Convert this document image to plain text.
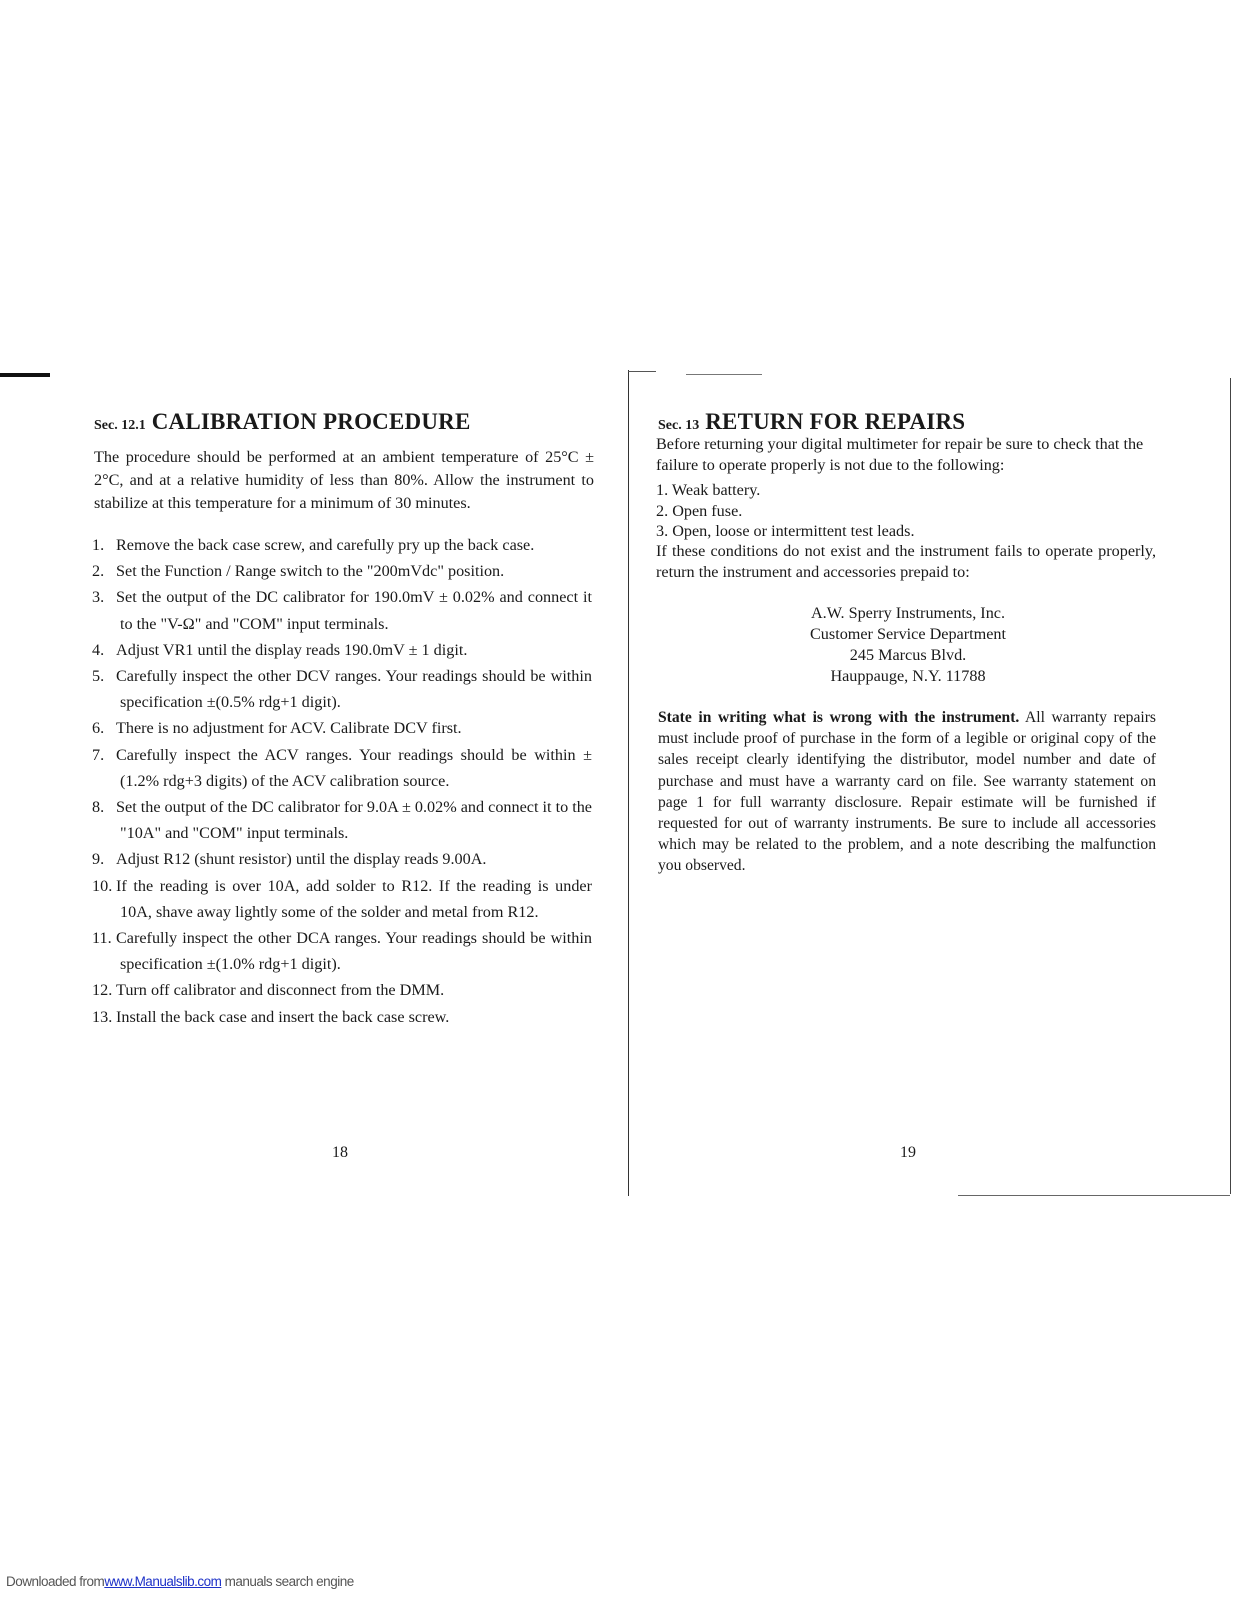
Sec. 12.1 CALIBRATION PROCEDURE

The procedure should be performed at an ambient temperature of 25°C ± 2°C, and at a relative humidity of less than 80%. Allow the instrument to stabilize at this temperature for a minimum of 30 minutes.

1. Remove the back case screw, and carefully pry up the back case.
2. Set the Function / Range switch to the "200mVdc" position.
3. Set the output of the DC calibrator for 190.0mV ± 0.02% and connect it to the "V-Ω" and "COM" input terminals.
4. Adjust VR1 until the display reads 190.0mV ± 1 digit.
5. Carefully inspect the other DCV ranges. Your readings should be within specification ±(0.5% rdg+1 digit).
6. There is no adjustment for ACV. Calibrate DCV first.
7. Carefully inspect the ACV ranges. Your readings should be within ±(1.2% rdg+3 digits) of the ACV calibration source.
8. Set the output of the DC calibrator for 9.0A ± 0.02% and connect it to the "10A" and "COM" input terminals.
9. Adjust R12 (shunt resistor) until the display reads 9.00A.
10. If the reading is over 10A, add solder to R12. If the reading is under 10A, shave away lightly some of the solder and metal from R12.
11. Carefully inspect the other DCA ranges. Your readings should be within specification ±(1.0% rdg+1 digit).
12. Turn off calibrator and disconnect from the DMM.
13. Install the back case and insert the back case screw.
18
Sec. 13 RETURN FOR REPAIRS

Before returning your digital multimeter for repair be sure to check that the failure to operate properly is not due to the following:

1. Weak battery.
2. Open fuse.
3. Open, loose or intermittent test leads.

If these conditions do not exist and the instrument fails to operate properly, return the instrument and accessories prepaid to:

A.W. Sperry Instruments, Inc.
Customer Service Department
245 Marcus Blvd.
Hauppauge, N.Y. 11788

State in writing what is wrong with the instrument. All warranty repairs must include proof of purchase in the form of a legible or original copy of the sales receipt clearly identifying the distributor, model number and date of purchase and must have a warranty card on file. See warranty statement on page 1 for full warranty disclosure. Repair estimate will be furnished if requested for out of warranty instruments. Be sure to include all accessories which may be related to the problem, and a note describing the malfunction you observed.

19
Downloaded fromwww.Manualslib.com manuals search engine
